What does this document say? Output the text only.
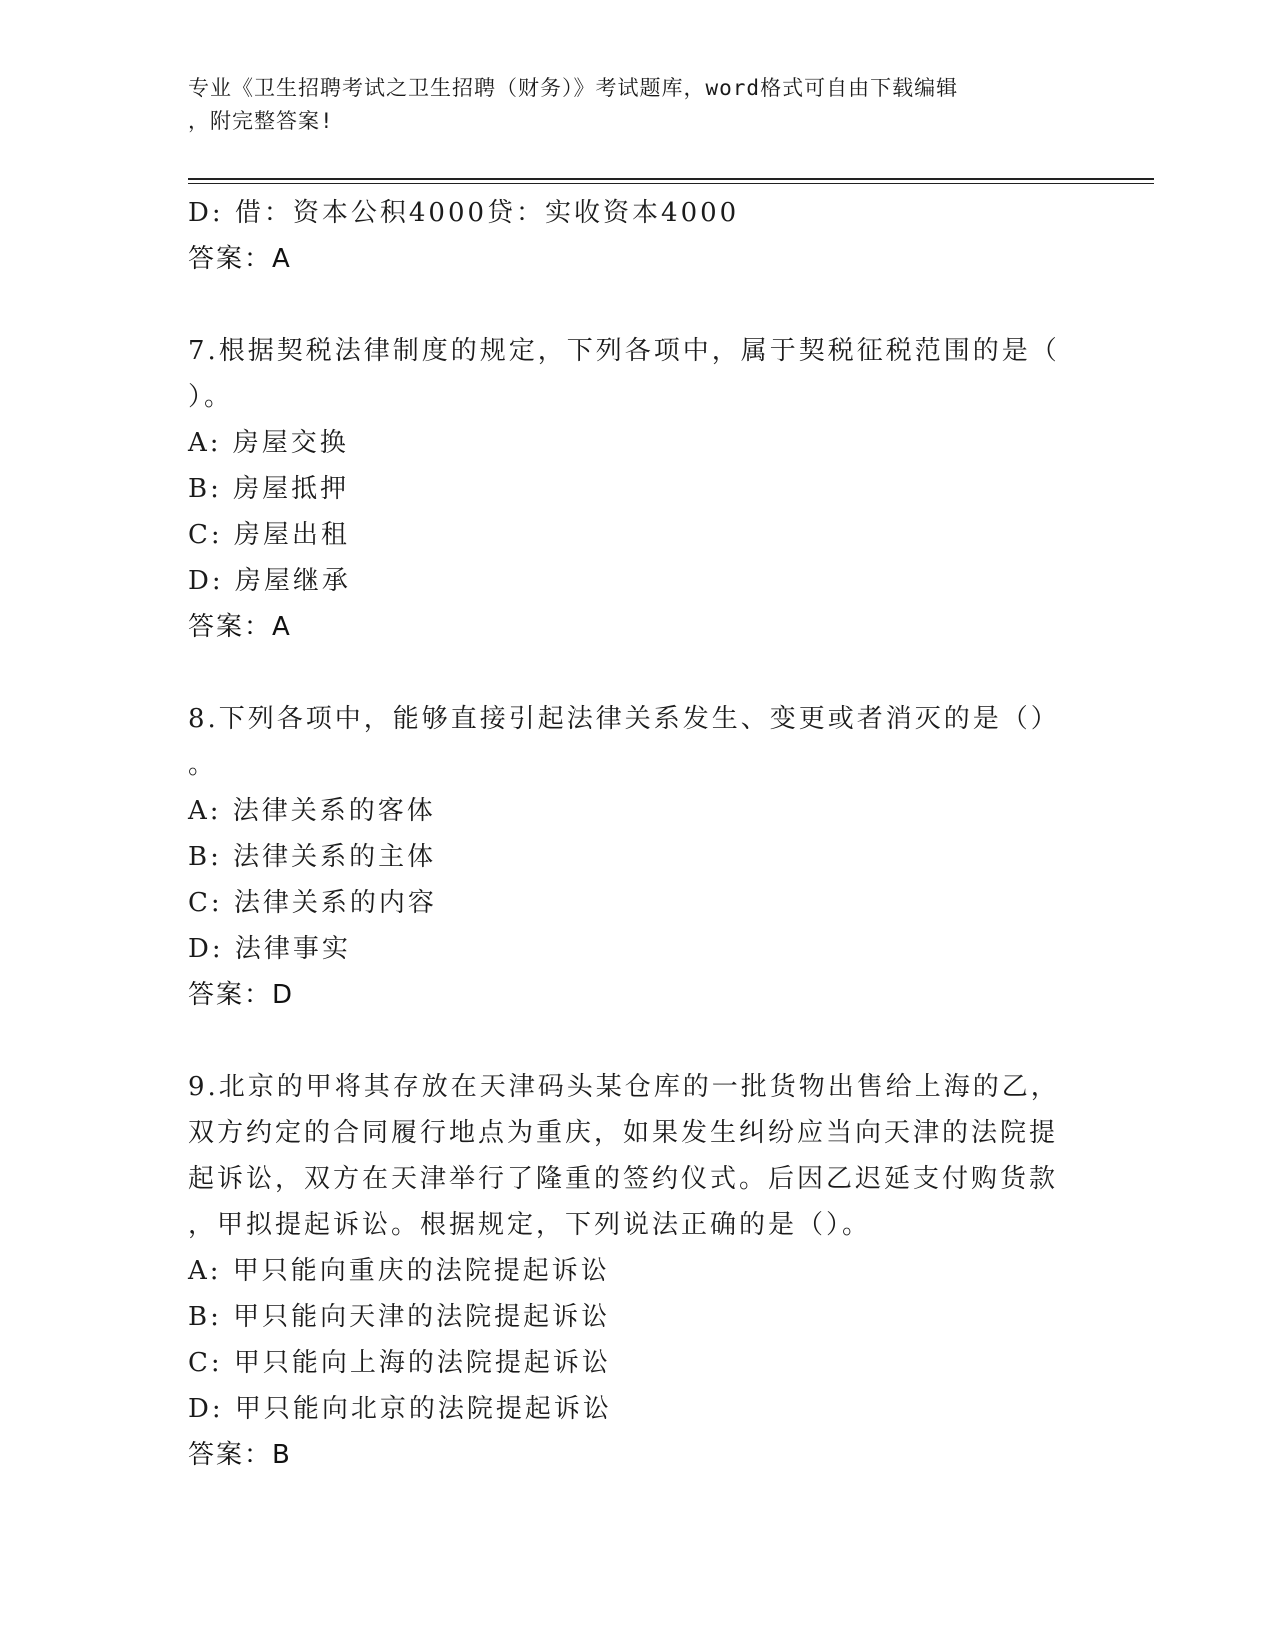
专业《卫生招聘考试之卫生招聘（财务）》考试题库，word格式可自由下载编辑
，附完整答案!
D: 借：资本公积4000贷：实收资本4000
答案：A
7.根据契税法律制度的规定，下列各项中，属于契税征税范围的是（
）。
A: 房屋交换
B: 房屋抵押
C: 房屋出租
D: 房屋继承
答案：A
8.下列各项中，能够直接引起法律关系发生、变更或者消灭的是（）
。
A: 法律关系的客体
B: 法律关系的主体
C: 法律关系的内容
D: 法律事实
答案：D
9.北京的甲将其存放在天津码头某仓库的一批货物出售给上海的乙，
双方约定的合同履行地点为重庆，如果发生纠纷应当向天津的法院提
起诉讼，双方在天津举行了隆重的签约仪式。后因乙迟延支付购货款
，甲拟提起诉讼。根据规定，下列说法正确的是（）。
A: 甲只能向重庆的法院提起诉讼
B: 甲只能向天津的法院提起诉讼
C: 甲只能向上海的法院提起诉讼
D: 甲只能向北京的法院提起诉讼
答案：B
